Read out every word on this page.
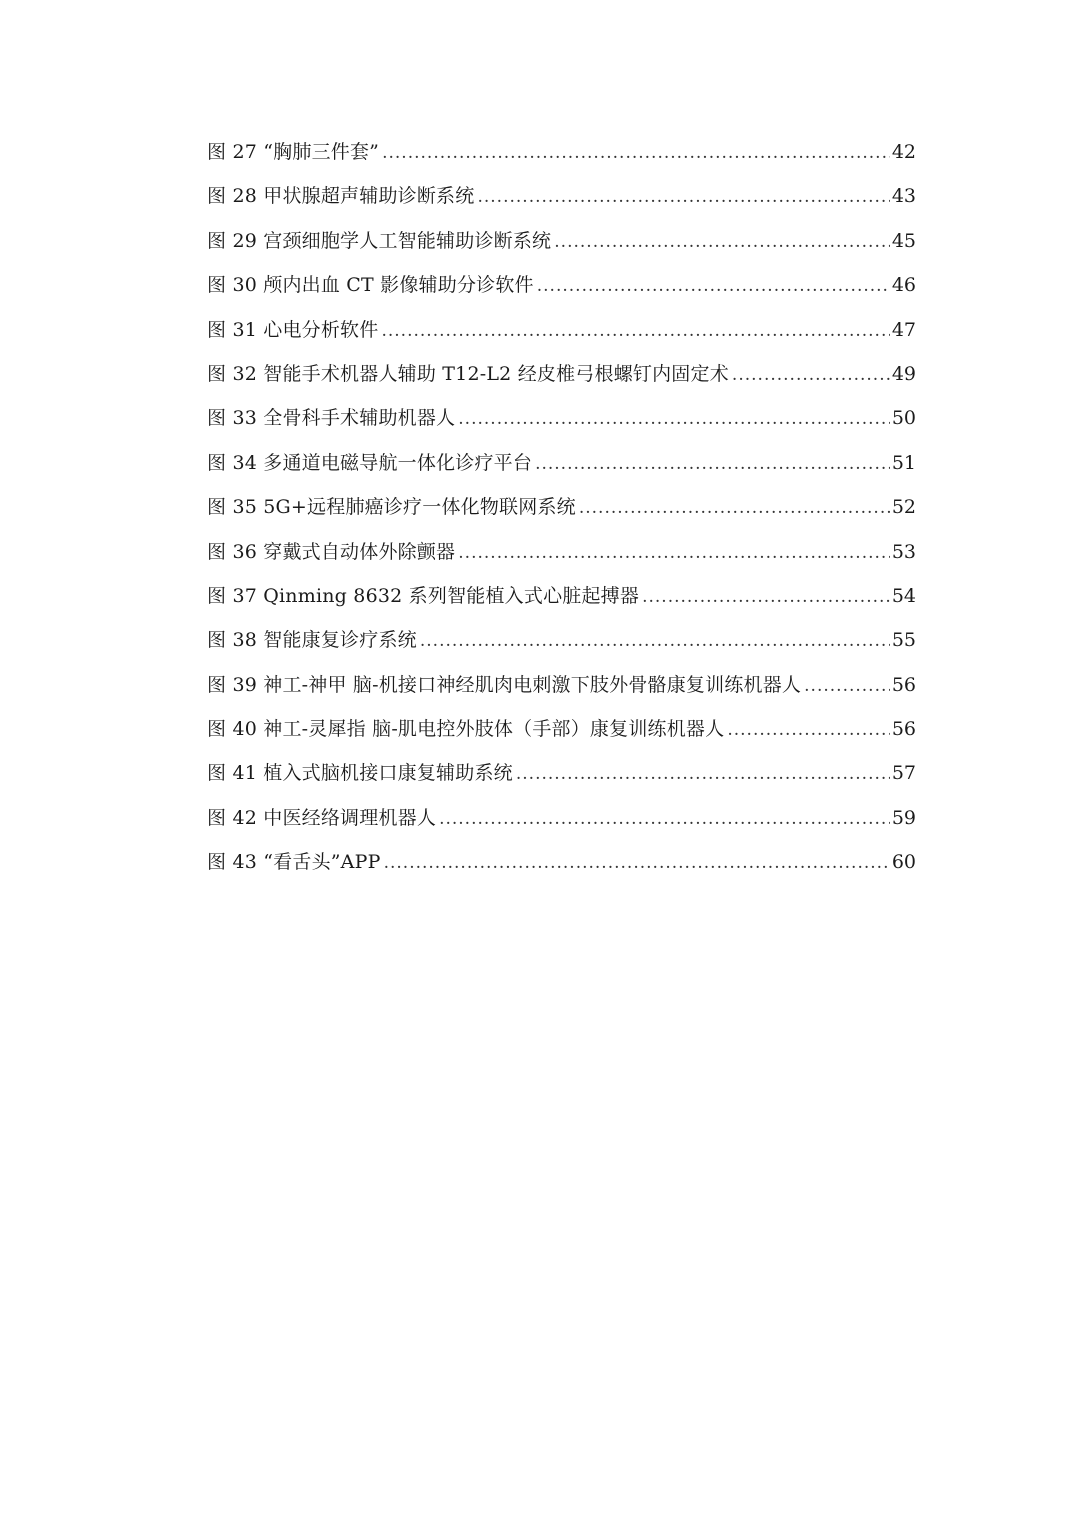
图 27 “胸肺三件套” .....	42
图 28 甲状腺超声辅助诊断系统 .....	43
图 29 宫颈细胞学人工智能辅助诊断系统 .....	45
图 30 颅内出血 CT 影像辅助分诊软件 .....	46
图 31 心电分析软件 .....	47
图 32 智能手术机器人辅助 T12-L2 经皮椎弓根螺钉内固定术 .....	49
图 33 全骨科手术辅助机器人 .....	50
图 34 多通道电磁导航一体化诊疗平台 .....	51
图 35 5G+远程肺癌诊疗一体化物联网系统 .....	52
图 36 穿戴式自动体外除颤器 .....	53
图 37 Qinming 8632 系列智能植入式心脏起搏器 .....	54
图 38 智能康复诊疗系统 .....	55
图 39 神工-神甲 脑-机接口神经肌肉电刺激下肢外骨骼康复训练机器人 .....	56
图 40 神工-灵犀指 脑-肌电控外肢体（手部）康复训练机器人 .....	56
图 41 植入式脑机接口康复辅助系统 .....	57
图 42 中医经络调理机器人 .....	59
图 43 “看舌头”APP .....	60
